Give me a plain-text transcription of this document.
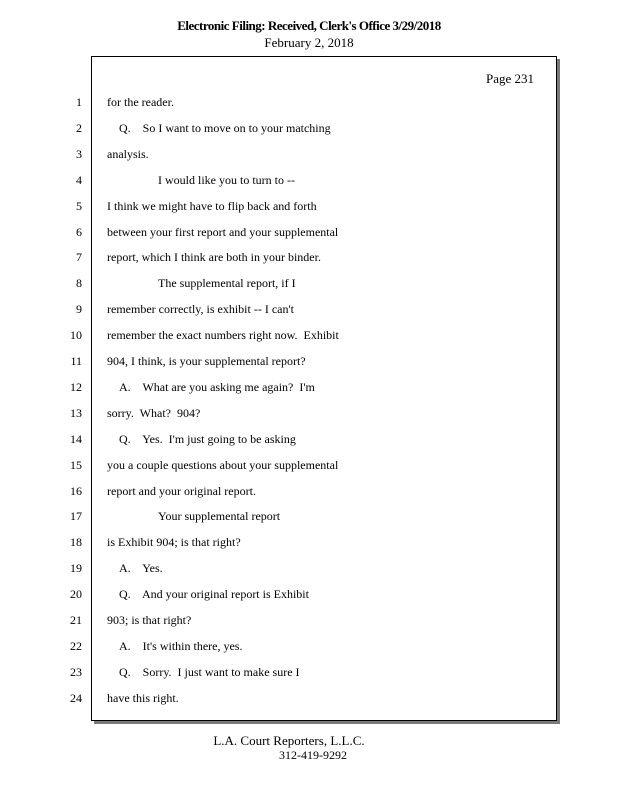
Electronic Filing: Received, Clerk's Office 3/29/2018
February 2, 2018
Page 231
1 for the reader.
2	Q.    So I want to move on to your matching
3 analysis.
4	I would like you to turn to --
5 I think we might have to flip back and forth
6 between your first report and your supplemental
7 report, which I think are both in your binder.
8	The supplemental report, if I
9 remember correctly, is exhibit -- I can't
10 remember the exact numbers right now.  Exhibit
11 904, I think, is your supplemental report?
12	A.    What are you asking me again?  I'm
13 sorry.  What?  904?
14	Q.    Yes.  I'm just going to be asking
15 you a couple questions about your supplemental
16 report and your original report.
17	Your supplemental report
18 is Exhibit 904; is that right?
19	A.    Yes.
20	Q.    And your original report is Exhibit
21 903; is that right?
22	A.    It's within there, yes.
23	Q.    Sorry.  I just want to make sure I
24 have this right.
L.A. Court Reporters, L.L.C.
312-419-9292
